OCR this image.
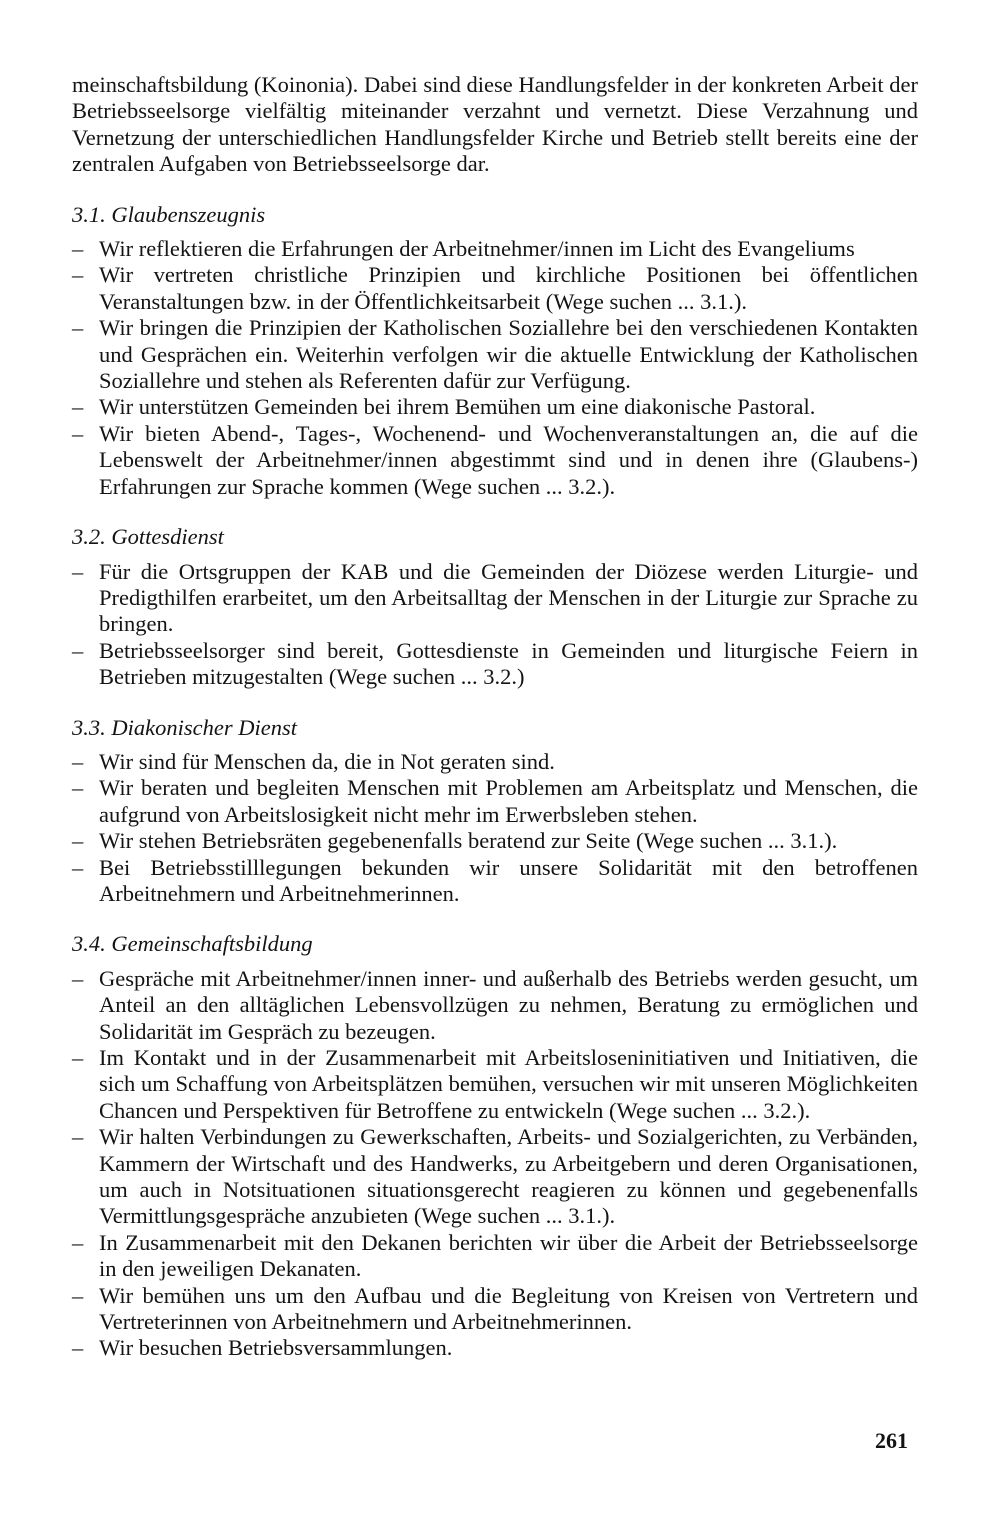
meinschaftsbildung (Koinonia). Dabei sind diese Handlungsfelder in der konkreten Arbeit der Betriebsseelsorge vielfältig miteinander verzahnt und vernetzt. Diese Verzahnung und Vernetzung der unterschiedlichen Handlungsfelder Kirche und Betrieb stellt bereits eine der zentralen Aufgaben von Betriebsseelsorge dar.

3.1. Glaubenszeugnis
– Wir reflektieren die Erfahrungen der Arbeitnehmer/innen im Licht des Evangeliums
– Wir vertreten christliche Prinzipien und kirchliche Positionen bei öffentlichen Veranstaltungen bzw. in der Öffentlichkeitsarbeit (Wege suchen ... 3.1.).
– Wir bringen die Prinzipien der Katholischen Soziallehre bei den verschiedenen Kontakten und Gesprächen ein. Weiterhin verfolgen wir die aktuelle Entwicklung der Katholischen Soziallehre und stehen als Referenten dafür zur Verfügung.
– Wir unterstützen Gemeinden bei ihrem Bemühen um eine diakonische Pastoral.
– Wir bieten Abend-, Tages-, Wochenend- und Wochenveranstaltungen an, die auf die Lebenswelt der Arbeitnehmer/innen abgestimmt sind und in denen ihre (Glaubens-) Erfahrungen zur Sprache kommen (Wege suchen ... 3.2.).
3.2. Gottesdienst
– Für die Ortsgruppen der KAB und die Gemeinden der Diözese werden Liturgie- und Predigthilfen erarbeitet, um den Arbeitsalltag der Menschen in der Liturgie zur Sprache zu bringen.
– Betriebsseelsorger sind bereit, Gottesdienste in Gemeinden und liturgische Feiern in Betrieben mitzugestalten (Wege suchen ... 3.2.)
3.3. Diakonischer Dienst
– Wir sind für Menschen da, die in Not geraten sind.
– Wir beraten und begleiten Menschen mit Problemen am Arbeitsplatz und Menschen, die aufgrund von Arbeitslosigkeit nicht mehr im Erwerbsleben stehen.
– Wir stehen Betriebsräten gegebenenfalls beratend zur Seite (Wege suchen ... 3.1.).
– Bei Betriebsstilllegungen bekunden wir unsere Solidarität mit den betroffenen Arbeitnehmern und Arbeitnehmerinnen.
3.4. Gemeinschaftsbildung
– Gespräche mit Arbeitnehmer/innen inner- und außerhalb des Betriebs werden gesucht, um Anteil an den alltäglichen Lebensvollzügen zu nehmen, Beratung zu ermöglichen und Solidarität im Gespräch zu bezeugen.
– Im Kontakt und in der Zusammenarbeit mit Arbeitsloseninitiativen und Initiativen, die sich um Schaffung von Arbeitsplätzen bemühen, versuchen wir mit unseren Möglichkeiten Chancen und Perspektiven für Betroffene zu entwickeln (Wege suchen ... 3.2.).
– Wir halten Verbindungen zu Gewerkschaften, Arbeits- und Sozialgerichten, zu Verbänden, Kammern der Wirtschaft und des Handwerks, zu Arbeitgebern und deren Organisationen, um auch in Notsituationen situationsgerecht reagieren zu können und gegebenenfalls Vermittlungsgespräche anzubieten (Wege suchen ... 3.1.).
– In Zusammenarbeit mit den Dekanen berichten wir über die Arbeit der Betriebsseelsorge in den jeweiligen Dekanaten.
– Wir bemühen uns um den Aufbau und die Begleitung von Kreisen von Vertretern und Vertreterinnen von Arbeitnehmern und Arbeitnehmerinnen.
– Wir besuchen Betriebsversammlungen.
261
